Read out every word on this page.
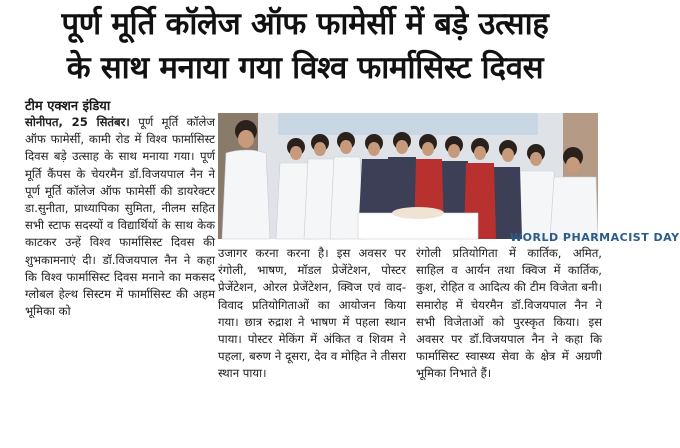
पूर्ण मूर्ति कॉलेज ऑफ फामेर्सी में बड़े उत्साह
के साथ मनाया गया विश्व फार्मासिस्ट दिवस
टीम एक्शन इंडिया
सोनीपत, 25 सितंबर। पूर्ण मूर्ति कॉलेज ऑफ फामेर्सी, कामी रोड में विश्व फार्मासिस्ट दिवस बड़े उत्साह के साथ मनाया गया। पूर्ण मूर्ति कैंपस के चेयरमैन डॉ.विजयपाल नैन ने पूर्ण मूर्ति कॉलेज ऑफ फामेर्सी की डायरेक्टर डा.सुनीता, प्राध्यापिका सुमिता, नीलम सहित सभी स्टाफ सदस्यों व विद्यार्थियों के साथ केक काटकर उन्हें विश्व फार्मासिस्ट दिवस की शुभकामनाएं दी। डॉ.विजयपाल नैन ने कहा कि विश्व फार्मासिस्ट दिवस मनाने का मकसद ग्लोबल हेल्थ सिस्टम में फार्मासिस्ट की अहम भूमिका को
WORLD PHARMACIST DAY
उजागर करना करना है। इस अवसर पर रंगोली, भाषण, मॉडल प्रेजेंटेशन, पोस्टर प्रेजेंटेशन, ओरल प्रेजेंटेशन, क्विज एवं वाद-विवाद प्रतियोगिताओं का आयोजन किया गया। छात्र रुद्राश ने भाषण में पहला स्थान पाया। पोस्टर मेकिंग में अंकित व शिवम ने पहला, बरुण ने दूसरा, देव व मोहित ने तीसरा स्थान पाया।
रंगोली प्रतियोगिता में कार्तिक, अमित, साहिल व आर्यन तथा क्विज में कार्तिक, कुश, रोहित व आदित्य की टीम विजेता बनी। समारोह में चेयरमैन डॉ.विजयपाल नैन ने सभी विजेताओं को पुरस्कृत किया। इस अवसर पर डॉ.विजयपाल नैन ने कहा कि फार्मासिस्ट स्वास्थ्य सेवा के क्षेत्र में अग्रणी भूमिका निभाते हैं।
